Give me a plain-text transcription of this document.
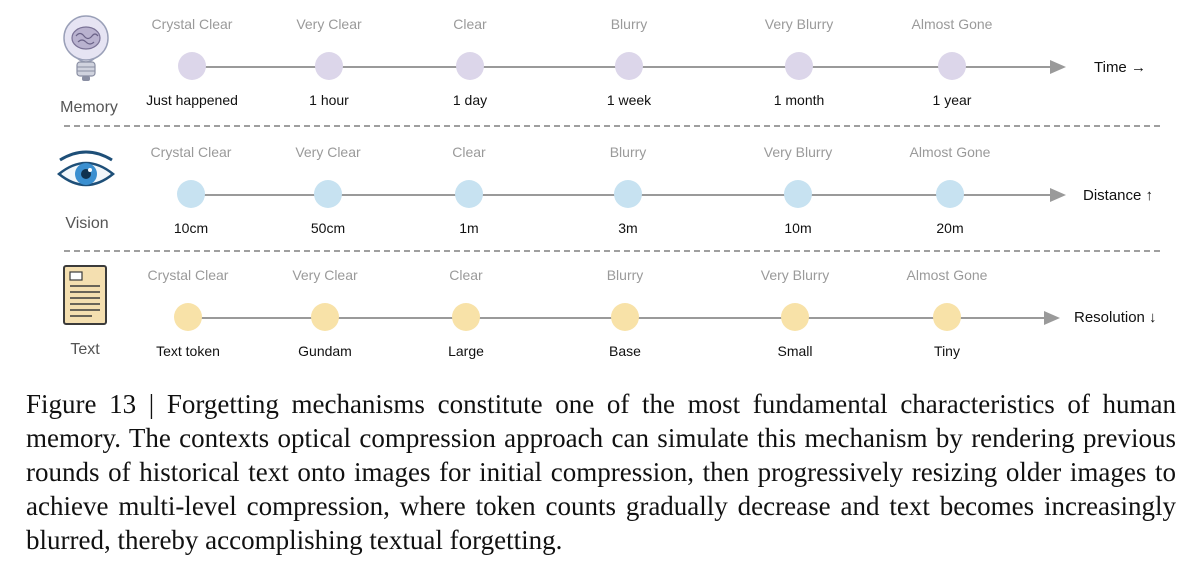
Memory
Time →
Crystal Clear
Just happened
Very Clear
1 hour
Clear
1 day
Blurry
1 week
Very Blurry
1 month
Almost Gone
1 year
Vision
Distance ↑
Crystal Clear
10cm
Very Clear
50cm
Clear
1m
Blurry
3m
Very Blurry
10m
Almost Gone
20m
Text
Resolution ↓
Crystal Clear
Text token
Very Clear
Gundam
Clear
Large
Blurry
Base
Very Blurry
Small
Almost Gone
Tiny
Figure 13 | Forgetting mechanisms constitute one of the most fundamental characteristics of human memory. The contexts optical compression approach can simulate this mechanism by rendering previous rounds of historical text onto images for initial compression, then progressively resizing older images to achieve multi-level compression, where token counts gradually decrease and text becomes increasingly blurred, thereby accomplishing textual forgetting.
